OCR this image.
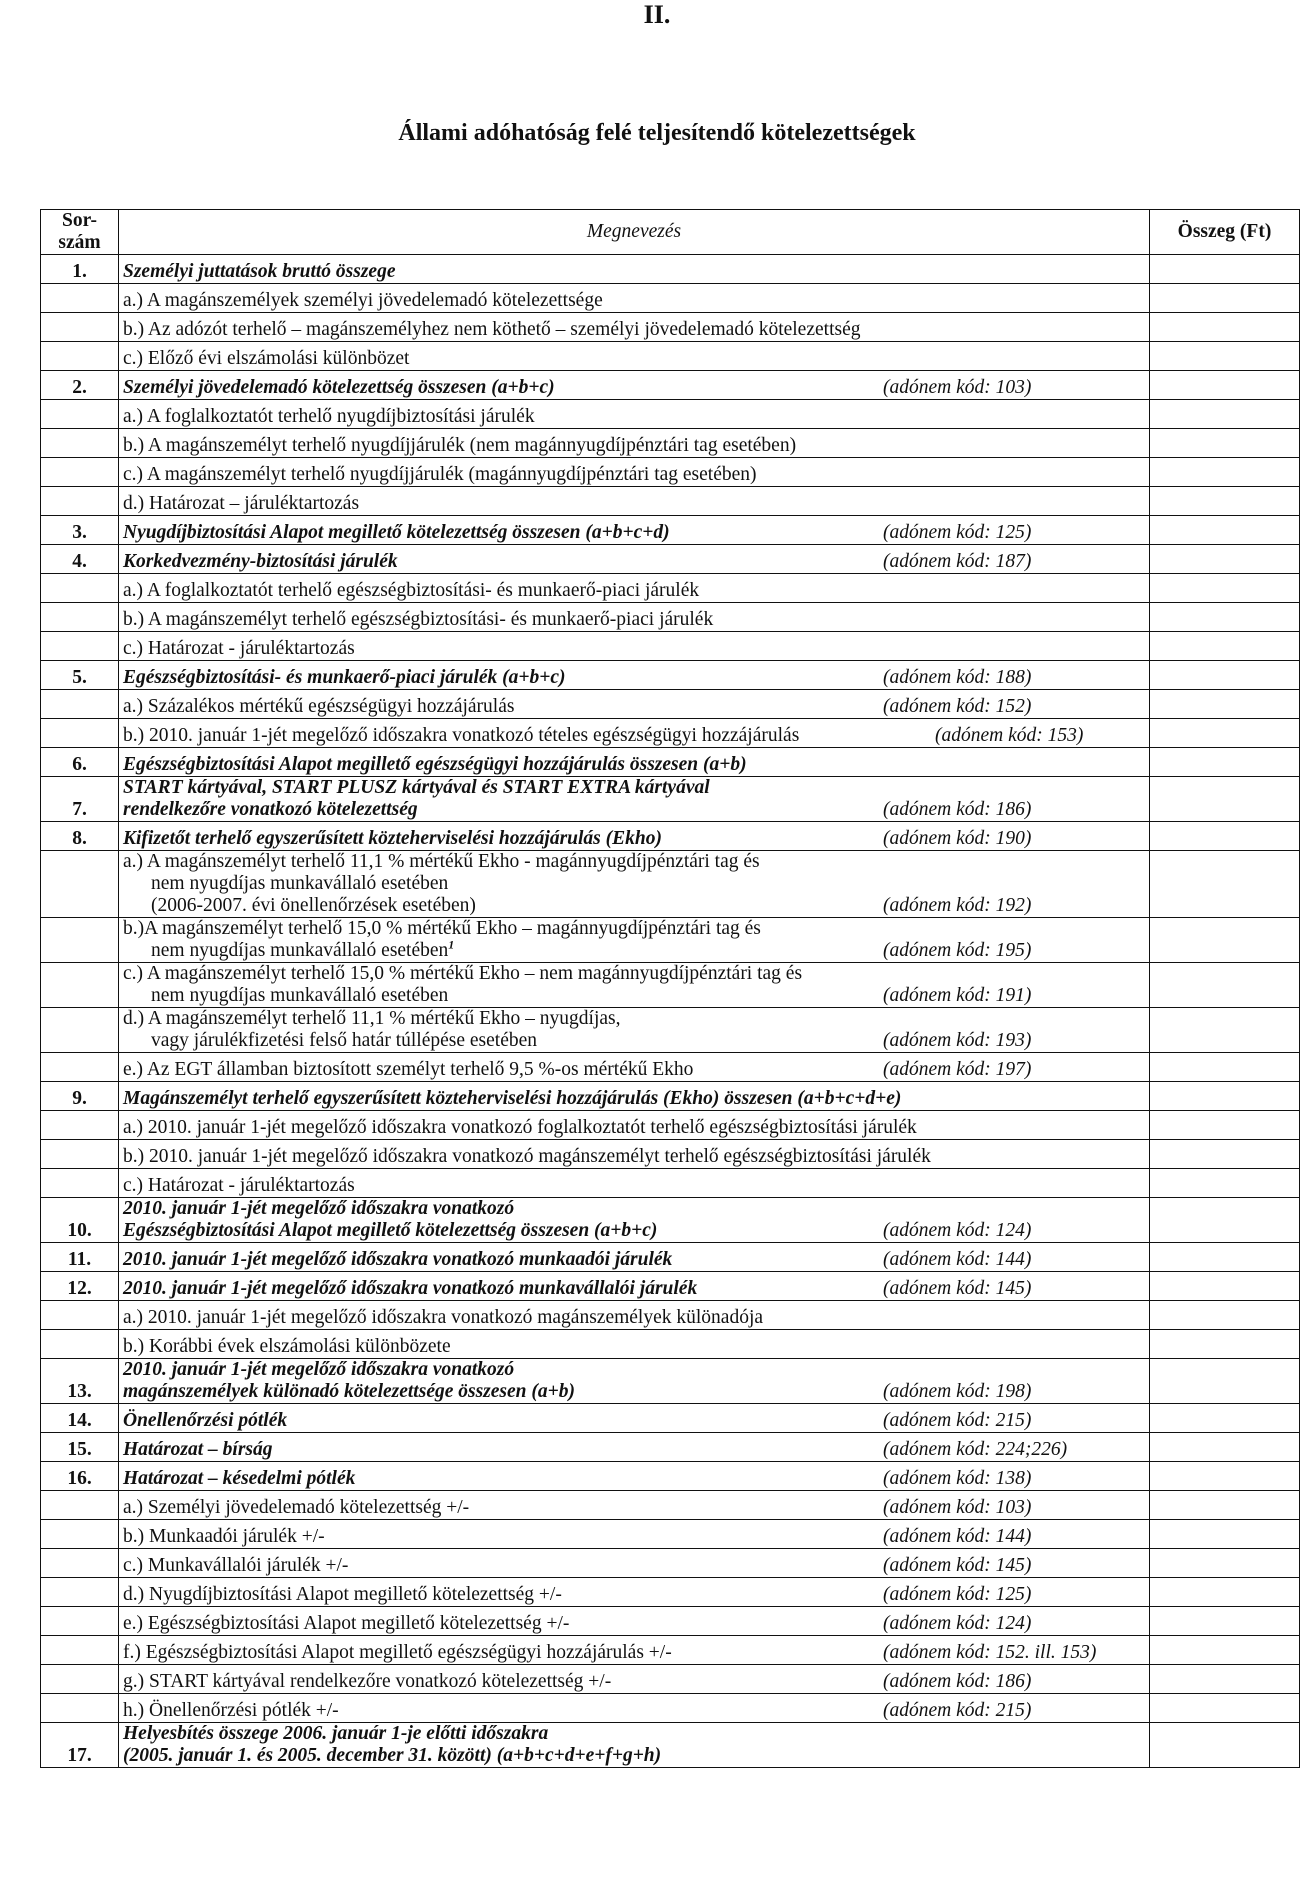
II.
Állami adóhatóság felé teljesítendő kötelezettségek
Sor-
szám	Megnevezés	Összeg (Ft)
1.	Személyi juttatások bruttó összege	

	a.) A magánszemélyek személyi jövedelemadó kötelezettsége	

	b.) Az adózót terhelő – magánszemélyhez nem köthető – személyi jövedelemadó kötelezettség	

	c.) Előző évi elszámolási különbözet	

2.	Személyi jövedelemadó kötelezettség összesen (a+b+c) (adónem kód: 103)	

	a.) A foglalkoztatót terhelő nyugdíjbiztosítási járulék	

	b.) A magánszemélyt terhelő nyugdíjjárulék (nem magánnyugdíjpénztári tag esetében)	

	c.) A magánszemélyt terhelő nyugdíjjárulék (magánnyugdíjpénztári tag esetében)	

	d.) Határozat – járuléktartozás	

3.	Nyugdíjbiztosítási Alapot megillető kötelezettség összesen (a+b+c+d) (adónem kód: 125)	

4.	Korkedvezmény-biztosítási járulék (adónem kód: 187)	

	a.) A foglalkoztatót terhelő egészségbiztosítási- és munkaerő-piaci járulék	

	b.) A magánszemélyt terhelő egészségbiztosítási- és munkaerő-piaci járulék	

	c.) Határozat - járuléktartozás	

5.	Egészségbiztosítási- és munkaerő-piaci járulék (a+b+c) (adónem kód: 188)	

	a.) Százalékos mértékű egészségügyi hozzájárulás (adónem kód: 152)	

	b.) 2010. január 1-jét megelőző időszakra vonatkozó tételes egészségügyi hozzájárulás (adónem kód: 153)	

6.	Egészségbiztosítási Alapot megillető egészségügyi hozzájárulás összesen (a+b)	

7.	START kártyával, START PLUSZ kártyával és START EXTRA kártyával
rendelkezőre vonatkozó kötelezettség (adónem kód: 186)	

8.	Kifizetőt terhelő egyszerűsített közteherviselési hozzájárulás (Ekho) (adónem kód: 190)	

	a.) A magánszemélyt terhelő 11,1 % mértékű Ekho - magánnyugdíjpénztári tag és
nem nyugdíjas munkavállaló esetében
(2006-2007. évi önellenőrzések esetében) (adónem kód: 192)	

	b.)A magánszemélyt terhelő 15,0 % mértékű Ekho – magánnyugdíjpénztári tag és
nem nyugdíjas munkavállaló esetében$^1$ (adónem kód: 195)	

	c.) A magánszemélyt terhelő 15,0 % mértékű Ekho – nem magánnyugdíjpénztári tag és
nem nyugdíjas munkavállaló esetében (adónem kód: 191)	

	d.) A magánszemélyt terhelő 11,1 % mértékű Ekho – nyugdíjas,
vagy járulékfizetési felső határ túllépése esetében (adónem kód: 193)	

	e.) Az EGT államban biztosított személyt terhelő 9,5 %-os mértékű Ekho (adónem kód: 197)	

9.	Magánszemélyt terhelő egyszerűsített közteherviselési hozzájárulás (Ekho) összesen (a+b+c+d+e)	

	a.) 2010. január 1-jét megelőző időszakra vonatkozó foglalkoztatót terhelő egészségbiztosítási járulék	

	b.) 2010. január 1-jét megelőző időszakra vonatkozó magánszemélyt terhelő egészségbiztosítási járulék	

	c.) Határozat - járuléktartozás	

10.	2010. január 1-jét megelőző időszakra vonatkozó
Egészségbiztosítási Alapot megillető kötelezettség összesen (a+b+c) (adónem kód: 124)	

11.	2010. január 1-jét megelőző időszakra vonatkozó munkaadói járulék (adónem kód: 144)	

12.	2010. január 1-jét megelőző időszakra vonatkozó munkavállalói járulék (adónem kód: 145)	

	a.) 2010. január 1-jét megelőző időszakra vonatkozó magánszemélyek különadója	

	b.) Korábbi évek elszámolási különbözete	

13.	2010. január 1-jét megelőző időszakra vonatkozó
magánszemélyek különadó kötelezettsége összesen (a+b) (adónem kód: 198)	

14.	Önellenőrzési pótlék (adónem kód: 215)	

15.	Határozat – bírság (adónem kód: 224;226)	

16.	Határozat – késedelmi pótlék (adónem kód: 138)	

	a.) Személyi jövedelemadó kötelezettség +/- (adónem kód: 103)	

	b.) Munkaadói járulék +/- (adónem kód: 144)	

	c.) Munkavállalói járulék +/- (adónem kód: 145)	

	d.) Nyugdíjbiztosítási Alapot megillető kötelezettség +/- (adónem kód: 125)	

	e.) Egészségbiztosítási Alapot megillető kötelezettség +/- (adónem kód: 124)	

	f.) Egészségbiztosítási Alapot megillető egészségügyi hozzájárulás +/- (adónem kód: 152. ill. 153)	

	g.) START kártyával rendelkezőre vonatkozó kötelezettség +/- (adónem kód: 186)	

	h.) Önellenőrzési pótlék +/- (adónem kód: 215)	

17.	Helyesbítés összege 2006. január 1-je előtti időszakra
(2005. január 1. és 2005. december 31. között) (a+b+c+d+e+f+g+h)	
